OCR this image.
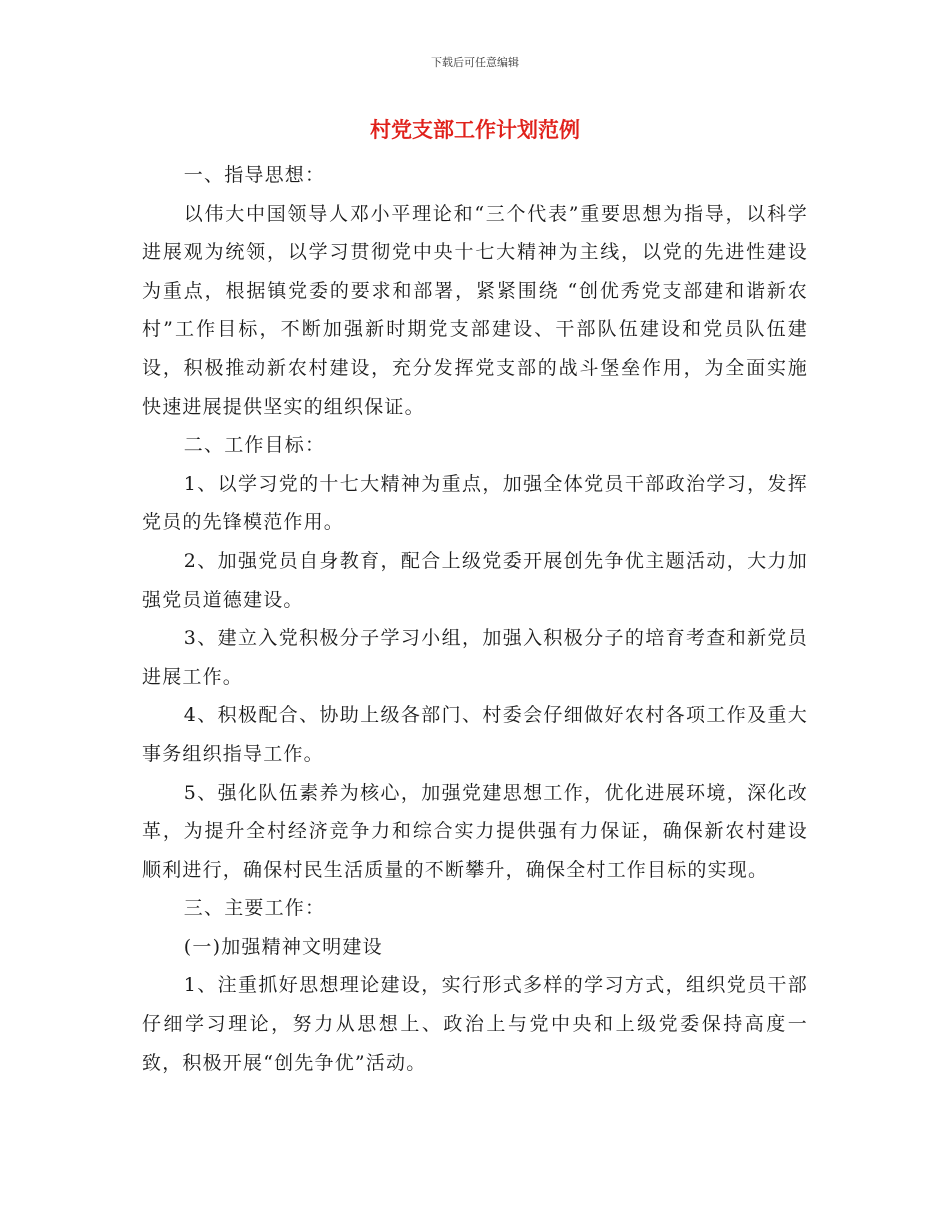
下载后可任意编辑
村党支部工作计划范例

一、指导思想：

以伟大中国领导人邓小平理论和“三个代表”重要思想为指导，以科学进展观为统领，以学习贯彻党中央十七大精神为主线，以党的先进性建设为重点，根据镇党委的要求和部署，紧紧围绕 “创优秀党支部建和谐新农村”工作目标，不断加强新时期党支部建设、干部队伍建设和党员队伍建设，积极推动新农村建设，充分发挥党支部的战斗堡垒作用，为全面实施快速进展提供坚实的组织保证。

二、工作目标：

1、以学习党的十七大精神为重点，加强全体党员干部政治学习，发挥党员的先锋模范作用。

2、加强党员自身教育，配合上级党委开展创先争优主题活动，大力加强党员道德建设。

3、建立入党积极分子学习小组，加强入积极分子的培育考查和新党员进展工作。

4、积极配合、协助上级各部门、村委会仔细做好农村各项工作及重大事务组织指导工作。

5、强化队伍素养为核心，加强党建思想工作，优化进展环境，深化改革，为提升全村经济竞争力和综合实力提供强有力保证，确保新农村建设顺利进行，确保村民生活质量的不断攀升，确保全村工作目标的实现。

三、主要工作：

(一)加强精神文明建设

1、注重抓好思想理论建设，实行形式多样的学习方式，组织党员干部仔细学习理论，努力从思想上、政治上与党中央和上级党委保持高度一致，积极开展“创先争优”活动。
